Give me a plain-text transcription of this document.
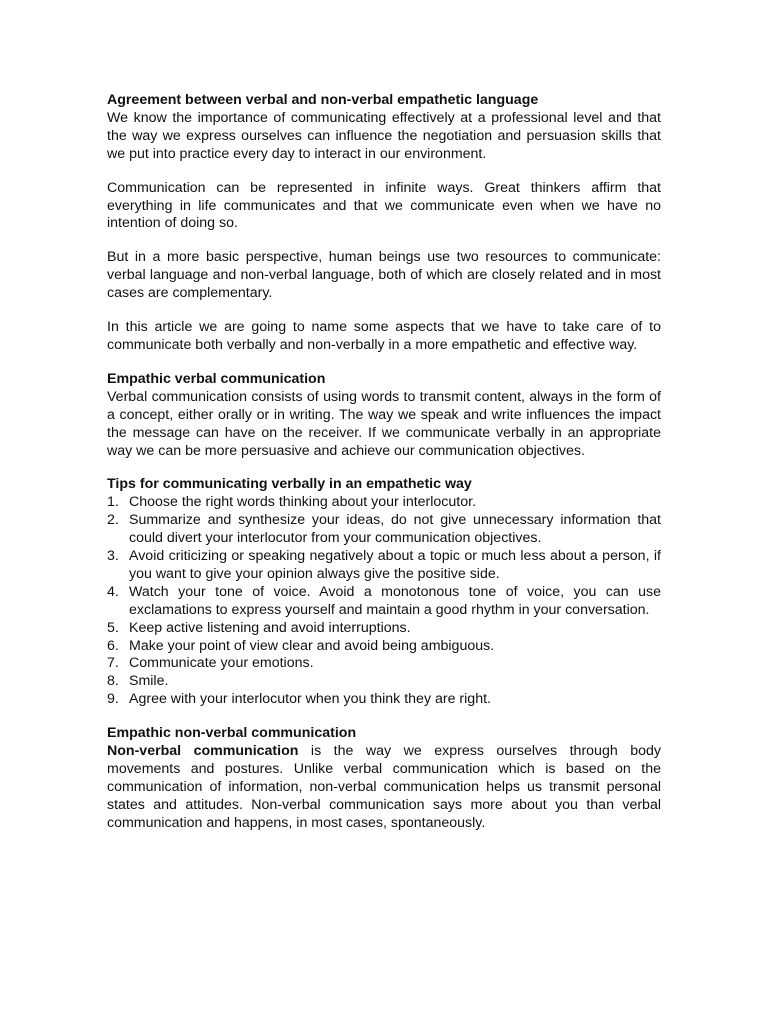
Agreement between verbal and non-verbal empathetic language

We know the importance of communicating effectively at a professional level and that the way we express ourselves can influence the negotiation and persuasion skills that we put into practice every day to interact in our environment.

Communication can be represented in infinite ways. Great thinkers affirm that everything in life communicates and that we communicate even when we have no intention of doing so.

But in a more basic perspective, human beings use two resources to communicate: verbal language and non-verbal language, both of which are closely related and in most cases are complementary.

In this article we are going to name some aspects that we have to take care of to communicate both verbally and non-verbally in a more empathetic and effective way.

Empathic verbal communication

Verbal communication consists of using words to transmit content, always in the form of a concept, either orally or in writing. The way we speak and write influences the impact the message can have on the receiver. If we communicate verbally in an appropriate way we can be more persuasive and achieve our communication objectives.

Tips for communicating verbally in an empathetic way

1. Choose the right words thinking about your interlocutor.
2. Summarize and synthesize your ideas, do not give unnecessary information that could divert your interlocutor from your communication objectives.
3. Avoid criticizing or speaking negatively about a topic or much less about a person, if you want to give your opinion always give the positive side.
4. Watch your tone of voice. Avoid a monotonous tone of voice, you can use exclamations to express yourself and maintain a good rhythm in your conversation.
5. Keep active listening and avoid interruptions.
6. Make your point of view clear and avoid being ambiguous.
7. Communicate your emotions.
8. Smile.
9. Agree with your interlocutor when you think they are right.

Empathic non-verbal communication

Non-verbal communication is the way we express ourselves through body movements and postures. Unlike verbal communication which is based on the communication of information, non-verbal communication helps us transmit personal states and attitudes. Non-verbal communication says more about you than verbal communication and happens, in most cases, spontaneously.
